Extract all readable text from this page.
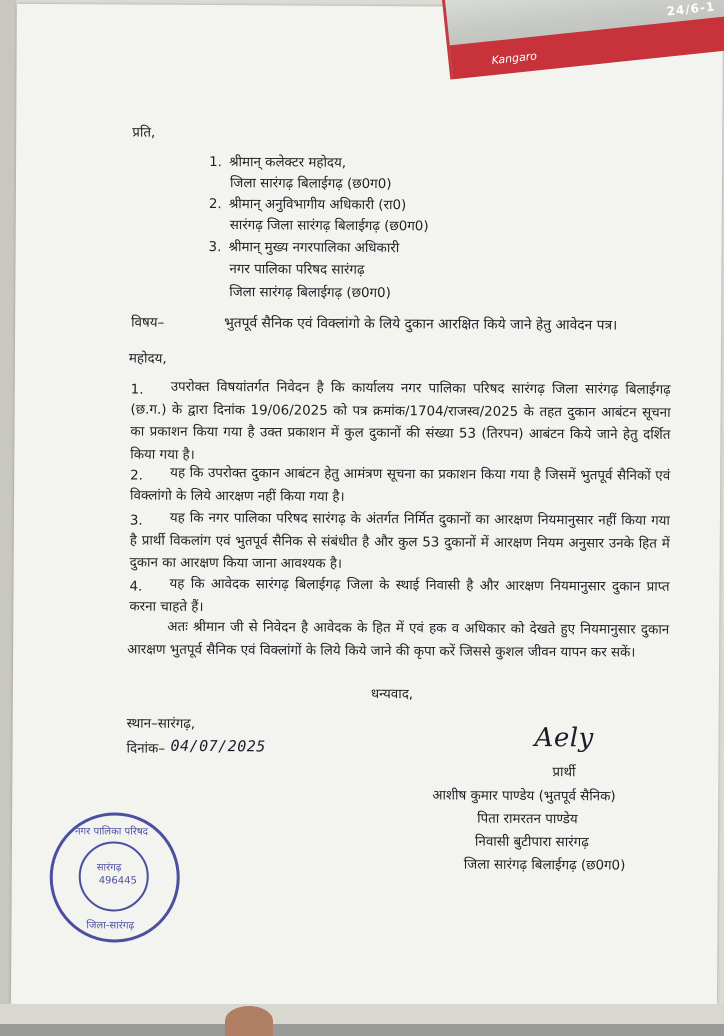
प्रति,
1. श्रीमान् कलेक्टर महोदय,
जिला सारंगढ़ बिलाईगढ़ (छ0ग0)
2. श्रीमान् अनुविभागीय अधिकारी (रा0)
सारंगढ़ जिला सारंगढ़ बिलाईगढ़ (छ0ग0)
3. श्रीमान् मुख्य नगरपालिका अधिकारी
नगर पालिका परिषद सारंगढ़
जिला सारंगढ़ बिलाईगढ़ (छ0ग0)
विषय–	भुतपूर्व सैनिक एवं विक्लांगो के लिये दुकान आरक्षित किये जाने हेतु आवेदन पत्र।
महोदय,
1.	उपरोक्त विषयांतर्गत निवेदन है कि कार्यालय नगर पालिका परिषद सारंगढ़ जिला सारंगढ़ बिलाईगढ़ (छ.ग.) के द्वारा दिनांक 19/06/2025 को पत्र क्रमांक/1704/राजस्व/2025 के तहत दुकान आबंटन सूचना का प्रकाशन किया गया है उक्त प्रकाशन में कुल दुकानों की संख्या 53 (तिरपन) आबंटन किये जाने हेतु दर्शित किया गया है।
2.	यह कि उपरोक्त दुकान आबंटन हेतु आमंत्रण सूचना का प्रकाशन किया गया है जिसमें भुतपूर्व सैनिकों एवं विक्लांगो के लिये आरक्षण नहीं किया गया है।
3.	यह कि नगर पालिका परिषद सारंगढ़ के अंतर्गत निर्मित दुकानों का आरक्षण नियमानुसार नहीं किया गया है प्रार्थी विकलांग एवं भुतपूर्व सैनिक से संबंधीत है और कुल 53 दुकानों में आरक्षण नियम अनुसार उनके हित में दुकान का आरक्षण किया जाना आवश्यक है।
4.	यह कि आवेदक सारंगढ़ बिलाईगढ़ जिला के स्थाई निवासी है और आरक्षण नियमानुसार दुकान प्राप्त करना चाहते हैं।
अतः श्रीमान जी से निवेदन है आवेदक के हित में एवं हक व अधिकार को देखते हुए नियमानुसार दुकान आरक्षण भुतपूर्व सैनिक एवं विक्लांगों के लिये किये जाने की कृपा करें जिससे कुशल जीवन यापन कर सकें।
धन्यवाद,
स्थान–सारंगढ़,
दिनांक– 04/07/2025	Aely
प्रार्थी
आशीष कुमार पाण्डेय (भुतपूर्व सैनिक)
पिता रामरतन पाण्डेय
निवासी बुटीपारा सारंगढ़
जिला सारंगढ़ बिलाईगढ़ (छ0ग0)
नगर पालिका परिषद
सारंगढ़
496445
जिला-सारंगढ़
24/6-1
Kangaro
